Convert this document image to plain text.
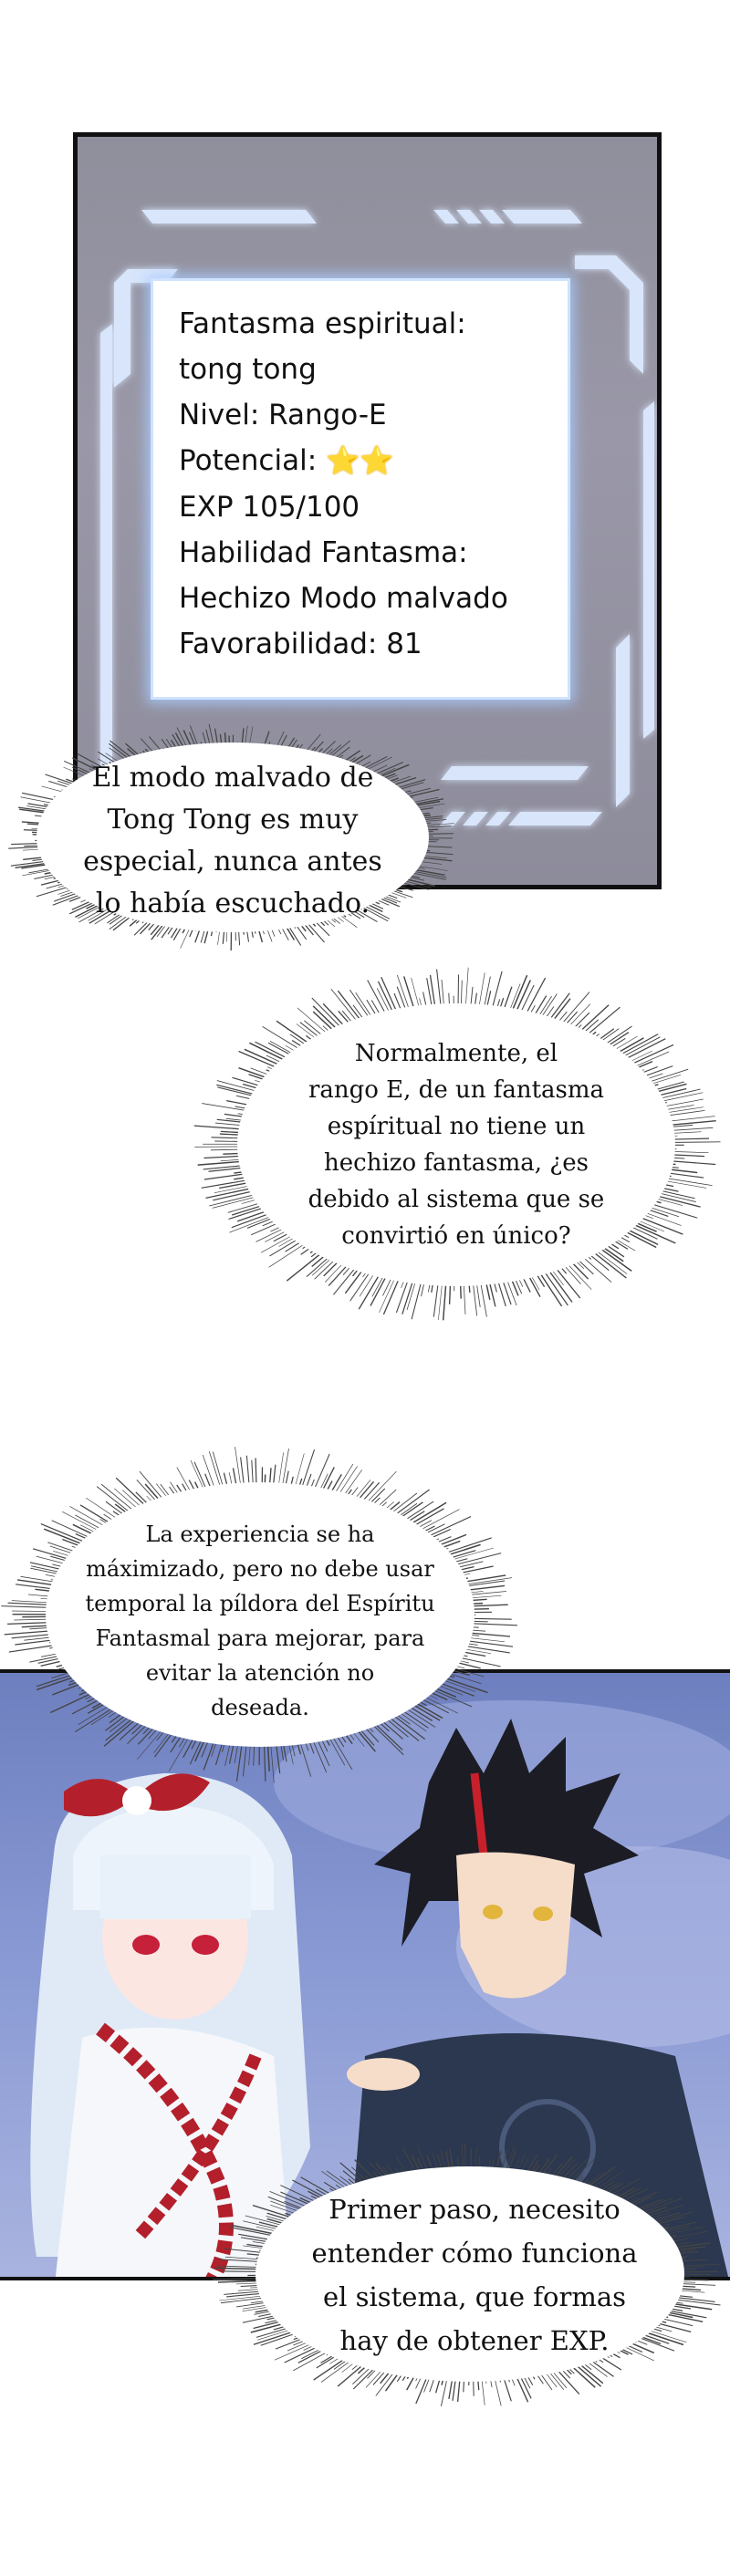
Fantasma espiritual:
tong tong
Nivel: Rango-E
Potencial: ⭐⭐
EXP 105/100
Habilidad Fantasma:
Hechizo Modo malvado
Favorabilidad: 81
El modo malvado de
Tong Tong es muy
especial, nunca antes
lo había escuchado.
Normalmente, el
rango E, de un fantasma
espíritual no tiene un
hechizo fantasma, ¿es
debido al sistema que se
convirtió en único?
La experiencia se ha
máximizado, pero no debe usar
temporal la píldora del Espíritu
Fantasmal para mejorar, para
evitar la atención no
deseada.
Primer paso, necesito
entender cómo funciona
el sistema, que formas
hay de obtener EXP.
